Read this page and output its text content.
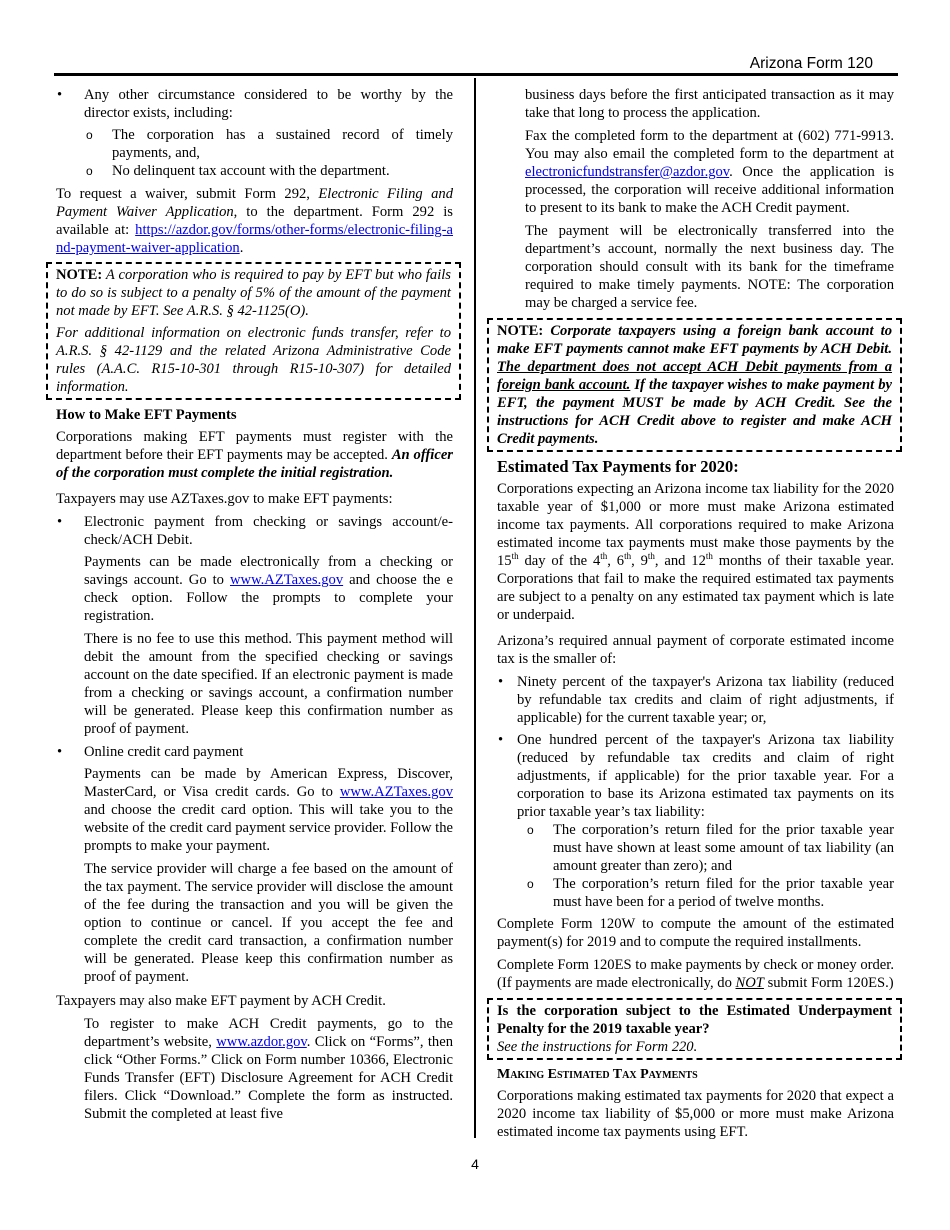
Arizona Form 120
• Any other circumstance considered to be worthy by the director exists, including:
o The corporation has a sustained record of timely payments, and,
o No delinquent tax account with the department.

To request a waiver, submit Form 292, Electronic Filing and Payment Waiver Application, to the department. Form 292 is available at: https://azdor.gov/forms/other-forms/electronic-filing-and-payment-waiver-application.

NOTE: A corporation who is required to pay by EFT but who fails to do so is subject to a penalty of 5% of the amount of the payment not made by EFT. See A.R.S. § 42-1125(O).

For additional information on electronic funds transfer, refer to A.R.S. § 42-1129 and the related Arizona Administrative Code rules (A.A.C. R15-10-301 through R15-10-307) for detailed information.

How to Make EFT Payments

Corporations making EFT payments must register with the department before their EFT payments may be accepted. An officer of the corporation must complete the initial registration.

Taxpayers may use AZTaxes.gov to make EFT payments:

• Electronic payment from checking or savings account/e-check/ACH Debit.

Payments can be made electronically from a checking or savings account. Go to www.AZTaxes.gov and choose the e check option. Follow the prompts to complete your registration.

There is no fee to use this method. This payment method will debit the amount from the specified checking or savings account on the date specified. If an electronic payment is made from a checking or savings account, a confirmation number will be generated. Please keep this confirmation number as proof of payment.

• Online credit card payment

Payments can be made by American Express, Discover, MasterCard, or Visa credit cards. Go to www.AZTaxes.gov and choose the credit card option. This will take you to the website of the credit card payment service provider. Follow the prompts to make your payment.

The service provider will charge a fee based on the amount of the tax payment. The service provider will disclose the amount of the fee during the transaction and you will be given the option to continue or cancel. If you accept the fee and complete the credit card transaction, a confirmation number will be generated. Please keep this confirmation number as proof of payment.

Taxpayers may also make EFT payment by ACH Credit.

To register to make ACH Credit payments, go to the department’s website, www.azdor.gov. Click on “Forms”, then click “Other Forms.” Click on Form number 10366, Electronic Funds Transfer (EFT) Disclosure Agreement for ACH Credit filers. Click “Download.” Complete the form as instructed. Submit the completed at least five

business days before the first anticipated transaction as it may take that long to process the application.

Fax the completed form to the department at (602) 771-9913. You may also email the completed form to the department at electronicfundstransfer@azdor.gov. Once the application is processed, the corporation will receive additional information to present to its bank to make the ACH Credit payment.

The payment will be electronically transferred into the department’s account, normally the next business day. The corporation should consult with its bank for the timeframe required to make timely payments. NOTE: The corporation may be charged a service fee.

NOTE: Corporate taxpayers using a foreign bank account to make EFT payments cannot make EFT payments by ACH Debit. The department does not accept ACH Debit payments from a foreign bank account. If the taxpayer wishes to make payment by EFT, the payment MUST be made by ACH Credit. See the instructions for ACH Credit above to register and make ACH Credit payments.
Estimated Tax Payments for 2020:

Corporations expecting an Arizona income tax liability for the 2020 taxable year of $1,000 or more must make Arizona estimated income tax payments. All corporations required to make Arizona estimated income tax payments must make those payments by the 15th day of the 4th, 6th, 9th, and 12th months of their taxable year. Corporations that fail to make the required estimated tax payments are subject to a penalty on any estimated tax payment which is late or underpaid.

Arizona’s required annual payment of corporate estimated income tax is the smaller of:

• Ninety percent of the taxpayer's Arizona tax liability (reduced by refundable tax credits and claim of right adjustments, if applicable) for the current taxable year; or,
• One hundred percent of the taxpayer's Arizona tax liability (reduced by refundable tax credits and claim of right adjustments, if applicable) for the prior taxable year. For a corporation to base its Arizona estimated tax payments on its prior taxable year’s tax liability:
o The corporation’s return filed for the prior taxable year must have shown at least some amount of tax liability (an amount greater than zero); and
o The corporation’s return filed for the prior taxable year must have been for a period of twelve months.

Complete Form 120W to compute the amount of the estimated payment(s) for 2019 and to compute the required installments.

Complete Form 120ES to make payments by check or money order. (If payments are made electronically, do NOT submit Form 120ES.)

Is the corporation subject to the Estimated Underpayment Penalty for the 2019 taxable year?
See the instructions for Form 220.
Making Estimated Tax Payments

Corporations making estimated tax payments for 2020 that expect a 2020 income tax liability of $5,000 or more must make Arizona estimated income tax payments using EFT.

4
